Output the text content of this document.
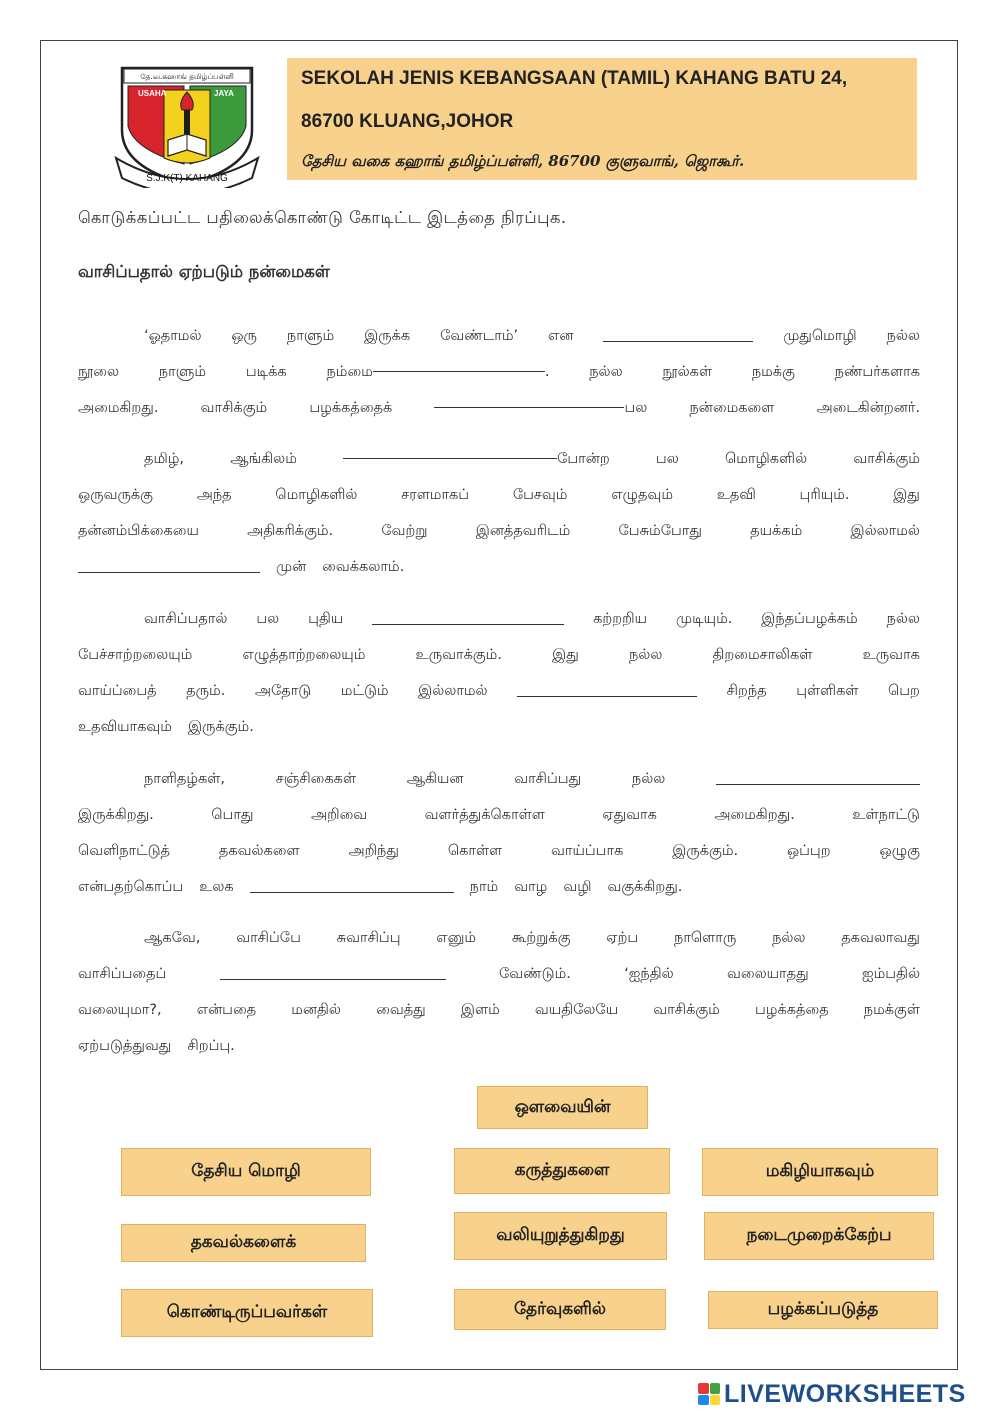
தே.வ.கஹாங் தமிழ்ப்பள்ளி
USAHA	JAYA
S.J.K(T) KAHANG
SEKOLAH JENIS KEBANGSAAN (TAMIL) KAHANG BATU 24,
86700 KLUANG,JOHOR
தேசிய வகை கஹாங் தமிழ்ப்பள்ளி, 86700 குளுவாங், ஜொகூர்.
கொடுக்கப்பட்ட பதிலைக்கொண்டு கோடிட்ட இடத்தை நிரப்புக.
வாசிப்பதால் ஏற்படும் நன்மைகள்
‘ஓதாமல் ஒரு நாளும் இருக்க வேண்டாம்’ என	முதுமொழி நல்ல
நூலை	நாளும்	படிக்க	நம்மை	.	நல்ல	நூல்கள்	நமக்கு	நண்பர்களாக
அமைகிறது.	வாசிக்கும்	பழக்கத்தைக்	பல	நன்மைகளை	அடைகின்றனர்.
தமிழ்,	ஆங்கிலம்	போன்ற	பல	மொழிகளில்	வாசிக்கும்
ஒருவருக்கு	அந்த	மொழிகளில்	சரளமாகப்	பேசவும்	எழுதவும்	உதவி	புரியும்.	இது
தன்னம்பிக்கையை	அதிகரிக்கும்.	வேற்று	இனத்தவரிடம்	பேசும்போது	தயக்கம்	இல்லாமல்
முன் வைக்கலாம்.
வாசிப்பதால் பல புதிய	கற்றறிய முடியும். இந்தப்பழக்கம் நல்ல
பேச்சாற்றலையும்	எழுத்தாற்றலையும்	உருவாக்கும்.	இது	நல்ல	திறமைசாலிகள்	உருவாக
வாய்ப்பைத் தரும். அதோடு மட்டும் இல்லாமல்	சிறந்த புள்ளிகள் பெற
உதவியாகவும் இருக்கும்.
நாளிதழ்கள்,	சஞ்சிகைகள்	ஆகியன	வாசிப்பது	நல்ல
இருக்கிறது.	பொது	அறிவை	வளர்த்துக்கொள்ள	ஏதுவாக	அமைகிறது.	உள்நாட்டு
வெளிநாட்டுத்	தகவல்களை	அறிந்து	கொள்ள	வாய்ப்பாக	இருக்கும்.	ஒப்புற	ஒழுகு
என்பதற்கொப்ப உலக	நாம் வாழ வழி வகுக்கிறது.
ஆகவே, வாசிப்பே சுவாசிப்பு எனும் கூற்றுக்கு ஏற்ப நாளொரு நல்ல தகவலாவது
வாசிப்பதைப்	வேண்டும்.	‘ஐந்தில்	வலையாதது	ஐம்பதில்
வலையுமா?, என்பதை மனதில் வைத்து இளம் வயதிலேயே வாசிக்கும் பழக்கத்தை நமக்குள்
ஏற்படுத்துவது சிறப்பு.
ஒளவையின்
தேசிய மொழி	கருத்துகளை	மகிழியாகவும்
தகவல்களைக்	வலியுறுத்துகிறது	நடைமுறைக்கேற்ப
கொண்டிருப்பவர்கள்	தேர்வுகளில்	பழக்கப்படுத்த
LIVEWORKSHEETS
